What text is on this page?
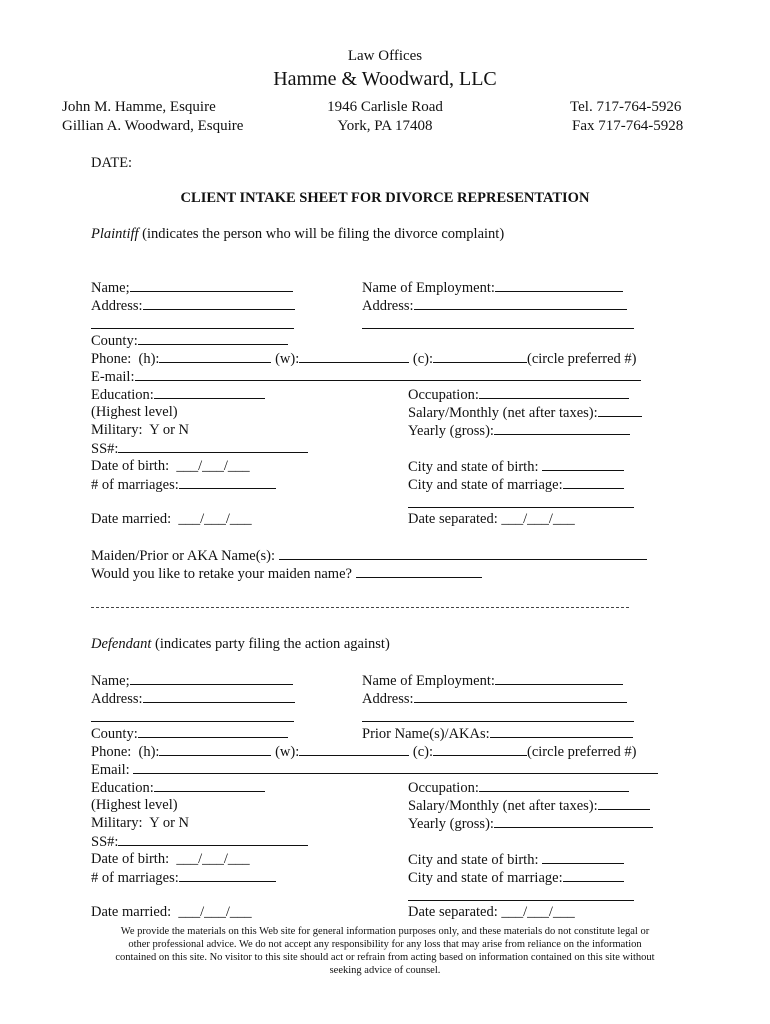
Law Offices
Hamme & Woodward, LLC
John M. Hamme, Esquire
Gillian A. Woodward, Esquire
1946 Carlisle Road
York, PA 17408
Tel. 717-764-5926
Fax 717-764-5928
DATE:
CLIENT INTAKE SHEET FOR DIVORCE REPRESENTATION
Plaintiff (indicates the person who will be filing the divorce complaint)
Name;	Name of Employment:
Address:	Address:
County:
Phone:  (h):	(w):	(c):	(circle preferred #)
E-mail:
Education:	Occupation:
(Highest level)	Salary/Monthly (net after taxes):
Military:  Y or N	Yearly (gross):
SS#:
Date of birth: ___/___/___	City and state of birth:
# of marriages:	City and state of marriage:
Date married: ___/___/___	Date separated: ___/___/___
Maiden/Prior or AKA Name(s):
Would you like to retake your maiden name?
Defendant (indicates party filing the action against)
Name;	Name of Employment:
Address:	Address:
County:	Prior Name(s)/AKAs:
Phone:  (h):	(w):	(c):	(circle preferred #)
Email:
Education:	Occupation:
(Highest level)	Salary/Monthly (net after taxes):
Military:  Y or N	Yearly (gross):
SS#:
Date of birth: ___/___/___	City and state of birth:
# of marriages:	City and state of marriage:
Date married: ___/___/___	Date separated: ___/___/___
We provide the materials on this Web site for general information purposes only, and these materials do not constitute legal or
other professional advice. We do not accept any responsibility for any loss that may arise from reliance on the information
contained on this site. No visitor to this site should act or refrain from acting based on information contained on this site without
seeking advice of counsel.
